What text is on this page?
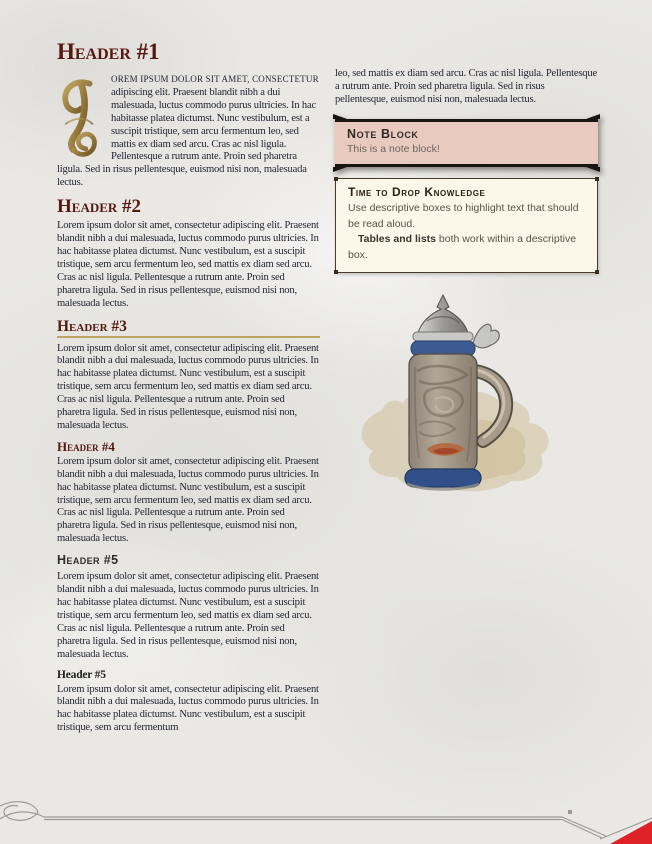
Header #1

OREM IPSUM DOLOR SIT AMET, CONSECTETUR adipiscing elit. Praesent blandit nibh a dui malesuada, luctus commodo purus ultricies. In hac habitasse platea dictumst. Nunc vestibulum, est a suscipit tristique, sem arcu fermentum leo, sed mattis ex diam sed arcu. Cras ac nisl ligula. Pellentesque a rutrum ante. Proin sed pharetra ligula. Sed in risus pellentesque, euismod nisi non, malesuada lectus.

Header #2

Lorem ipsum dolor sit amet, consectetur adipiscing elit. Praesent blandit nibh a dui malesuada, luctus commodo purus ultricies. In hac habitasse platea dictumst. Nunc vestibulum, est a suscipit tristique, sem arcu fermentum leo, sed mattis ex diam sed arcu. Cras ac nisl ligula. Pellentesque a rutrum ante. Proin sed pharetra ligula. Sed in risus pellentesque, euismod nisi non, malesuada lectus.

Header #3

Lorem ipsum dolor sit amet, consectetur adipiscing elit. Praesent blandit nibh a dui malesuada, luctus commodo purus ultricies. In hac habitasse platea dictumst. Nunc vestibulum, est a suscipit tristique, sem arcu fermentum leo, sed mattis ex diam sed arcu. Cras ac nisl ligula. Pellentesque a rutrum ante. Proin sed pharetra ligula. Sed in risus pellentesque, euismod nisi non, malesuada lectus.

Header #4

Lorem ipsum dolor sit amet, consectetur adipiscing elit. Praesent blandit nibh a dui malesuada, luctus commodo purus ultricies. In hac habitasse platea dictumst. Nunc vestibulum, est a suscipit tristique, sem arcu fermentum leo, sed mattis ex diam sed arcu. Cras ac nisl ligula. Pellentesque a rutrum ante. Proin sed pharetra ligula. Sed in risus pellentesque, euismod nisi non, malesuada lectus.

Header #5

Lorem ipsum dolor sit amet, consectetur adipiscing elit. Praesent blandit nibh a dui malesuada, luctus commodo purus ultricies. In hac habitasse platea dictumst. Nunc vestibulum, est a suscipit tristique, sem arcu fermentum leo, sed mattis ex diam sed arcu. Cras ac nisl ligula. Pellentesque a rutrum ante. Proin sed pharetra ligula. Sed in risus pellentesque, euismod nisi non, malesuada lectus.

Header #5

Lorem ipsum dolor sit amet, consectetur adipiscing elit. Praesent blandit nibh a dui malesuada, luctus commodo purus ultricies. In hac habitasse platea dictumst. Nunc vestibulum, est a suscipit tristique, sem arcu fermentum

leo, sed mattis ex diam sed arcu. Cras ac nisl ligula. Pellentesque a rutrum ante. Proin sed pharetra ligula. Sed in risus pellentesque, euismod nisi non, malesuada lectus.

Note Block
This is a note block!
Time to Drop Knowledge
Use descriptive boxes to highlight text that should be read aloud.
Tables and lists both work within a descriptive box.
